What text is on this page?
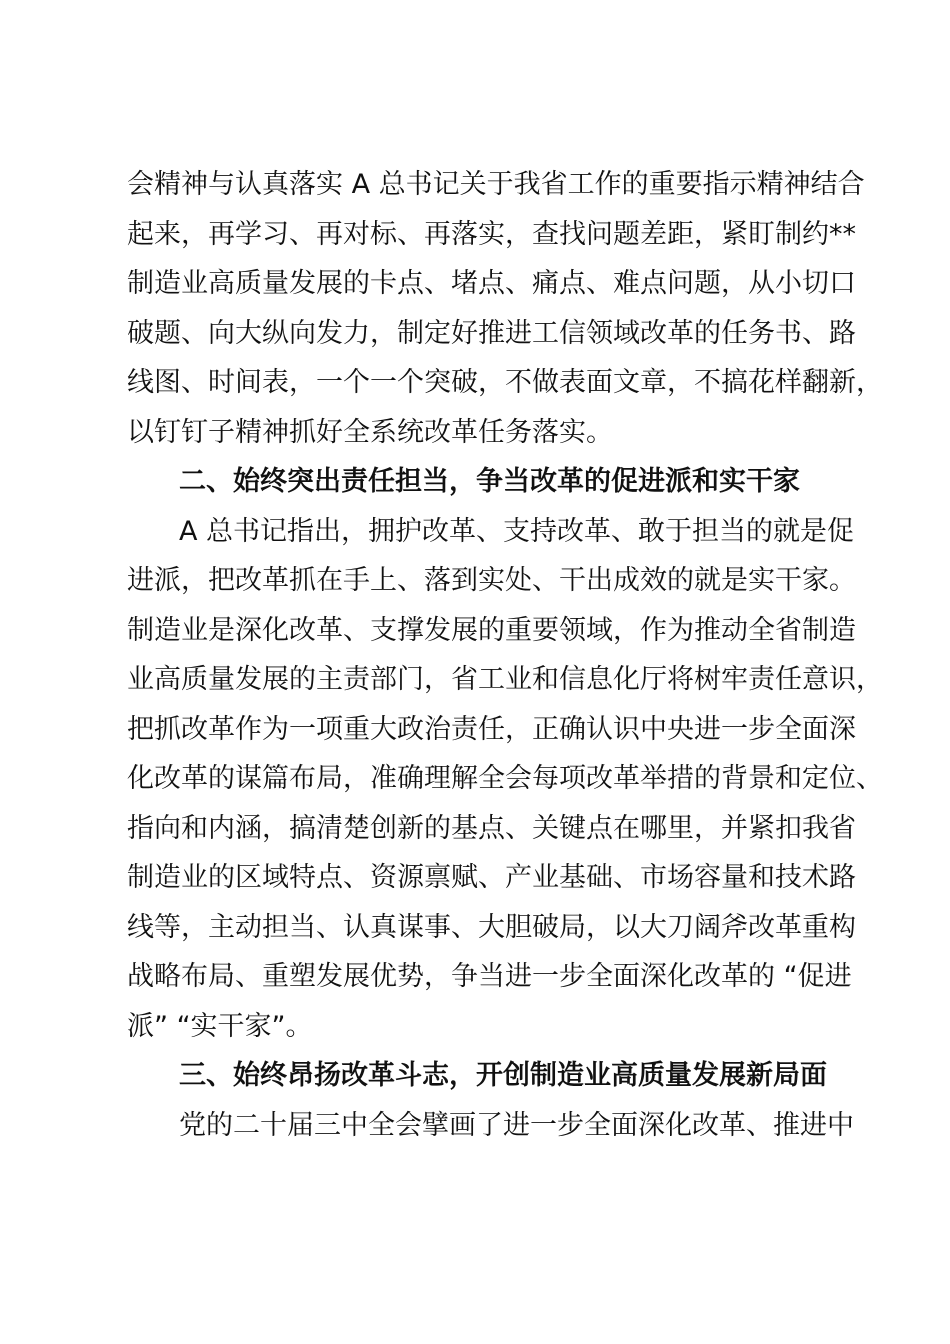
会精神与认真落实 A 总书记关于我省工作的重要指示精神结合
起来，再学习、再对标、再落实，查找问题差距，紧盯制约**
制造业高质量发展的卡点、堵点、痛点、难点问题，从小切口
破题、向大纵向发力，制定好推进工信领域改革的任务书、路
线图、时间表，一个一个突破，不做表面文章，不搞花样翻新，
以钉钉子精神抓好全系统改革任务落实。
二、始终突出责任担当，争当改革的促进派和实干家
A 总书记指出，拥护改革、支持改革、敢于担当的就是促
进派，把改革抓在手上、落到实处、干出成效的就是实干家。
制造业是深化改革、支撑发展的重要领域，作为推动全省制造
业高质量发展的主责部门，省工业和信息化厅将树牢责任意识，
把抓改革作为一项重大政治责任，正确认识中央进一步全面深
化改革的谋篇布局，准确理解全会每项改革举措的背景和定位、
指向和内涵，搞清楚创新的基点、关键点在哪里，并紧扣我省
制造业的区域特点、资源禀赋、产业基础、市场容量和技术路
线等，主动担当、认真谋事、大胆破局，以大刀阔斧改革重构
战略布局、重塑发展优势，争当进一步全面深化改革的 “促进
派” “实干家”。
三、始终昂扬改革斗志，开创制造业高质量发展新局面
党的二十届三中全会擘画了进一步全面深化改革、推进中
